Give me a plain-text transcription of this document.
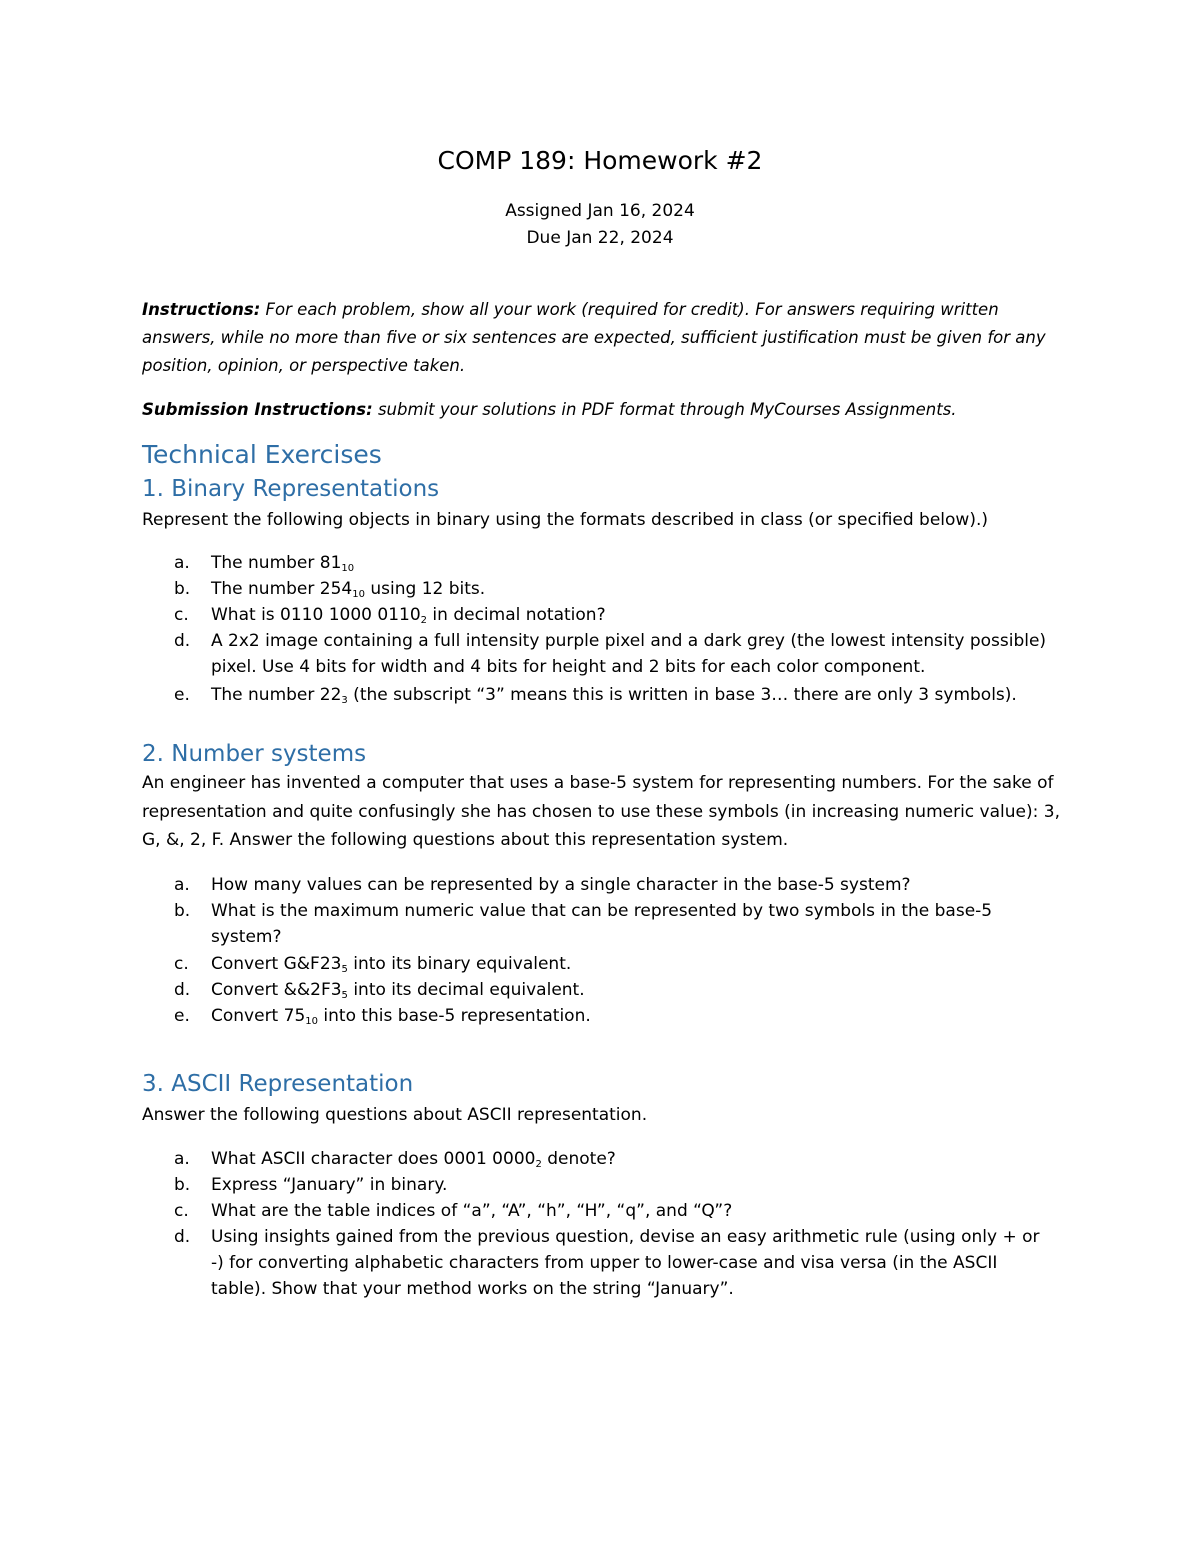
COMP 189: Homework #2
Assigned Jan 16, 2024
Due Jan 22, 2024
Instructions: For each problem, show all your work (required for credit). For answers requiring written answers, while no more than five or six sentences are expected, sufficient justification must be given for any position, opinion, or perspective taken.
Submission Instructions: submit your solutions in PDF format through MyCourses Assignments.
Technical Exercises
1. Binary Representations
Represent the following objects in binary using the formats described in class (or specified below).)
a. The number $81_{10}$
b. The number $254_{10}$ using 12 bits.
c. What is 0110 1000 $0110_2$ in decimal notation?
d. A 2x2 image containing a full intensity purple pixel and a dark grey (the lowest intensity possible) pixel. Use 4 bits for width and 4 bits for height and 2 bits for each color component.
e. The number $22_3$ (the subscript “3” means this is written in base 3… there are only 3 symbols).
2. Number systems
An engineer has invented a computer that uses a base-5 system for representing numbers. For the sake of representation and quite confusingly she has chosen to use these symbols (in increasing numeric value): 3, G, &, 2, F. Answer the following questions about this representation system.
a. How many values can be represented by a single character in the base-5 system?
b. What is the maximum numeric value that can be represented by two symbols in the base-5 system?
c. Convert $G\&F23_5$ into its binary equivalent.
d. Convert $\&\&2F3_5$ into its decimal equivalent.
e. Convert $75_{10}$ into this base-5 representation.
3. ASCII Representation
Answer the following questions about ASCII representation.
a. What ASCII character does 0001 $0000_2$ denote?
b. Express “January” in binary.
c. What are the table indices of “a”, “A”, “h”, “H”, “q”, and “Q”?
d. Using insights gained from the previous question, devise an easy arithmetic rule (using only + or -) for converting alphabetic characters from upper to lower-case and visa versa (in the ASCII table). Show that your method works on the string “January”.
